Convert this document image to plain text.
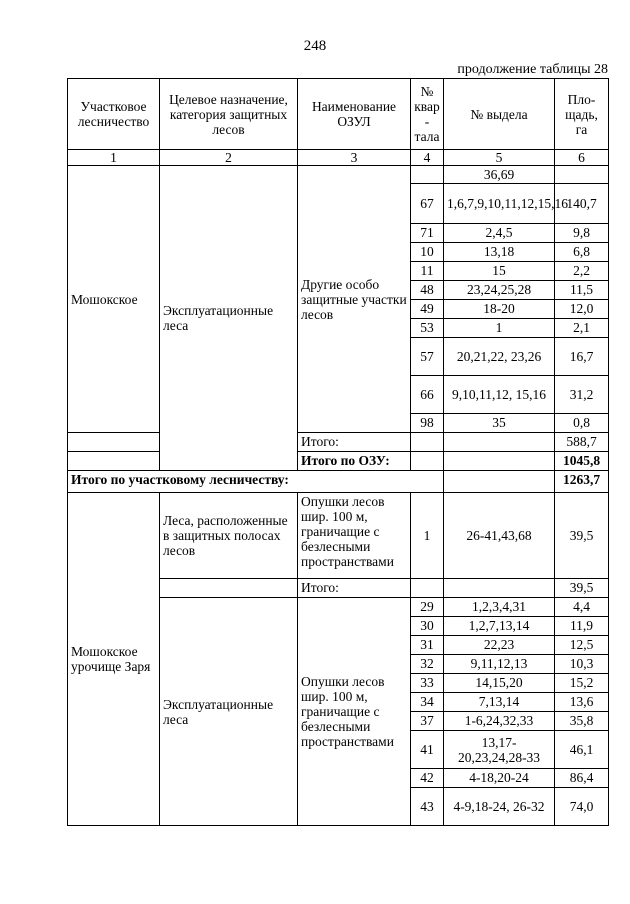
248
продолжение таблицы 28
Участковое лесничество	Целевое назначение, категория защитных лесов	Наименование ОЗУЛ	№ квар - тала	№ выдела	Пло-щадь, га
1	2	3	4	5	6
Мошокское	Эксплуатационные леса	Другие особо защитные участки лесов		36,69	
			67	1,6,7,9,10,11,12,15,16	140,7
			71	2,4,5	9,8
			10	13,18	6,8
			11	15	2,2
			48	23,24,25,28	11,5
			49	18-20	12,0
			53	1	2,1
			57	20,21,22, 23,26	16,7
			66	9,10,11,12, 15,16	31,2
			98	35	0,8
		Итого:			588,7
		Итого по ОЗУ:			1045,8
Итого по участковому лесничеству:					1263,7
Мошокское урочище Заря	Леса, расположенные в защитных полосах лесов	Опушки лесов шир. 100 м, граничащие с безлесными пространствами	1	26-41,43,68	39,5
		Итого:			39,5
	Эксплуатационные леса	Опушки лесов шир. 100 м, граничащие с безлесными пространствами	29	1,2,3,4,31	4,4
			30	1,2,7,13,14	11,9
			31	22,23	12,5
			32	9,11,12,13	10,3
			33	14,15,20	15,2
			34	7,13,14	13,6
			37	1-6,24,32,33	35,8
			41	13,17- 20,23,24,28-33	46,1
			42	4-18,20-24	86,4
			43	4-9,18-24, 26-32	74,0
